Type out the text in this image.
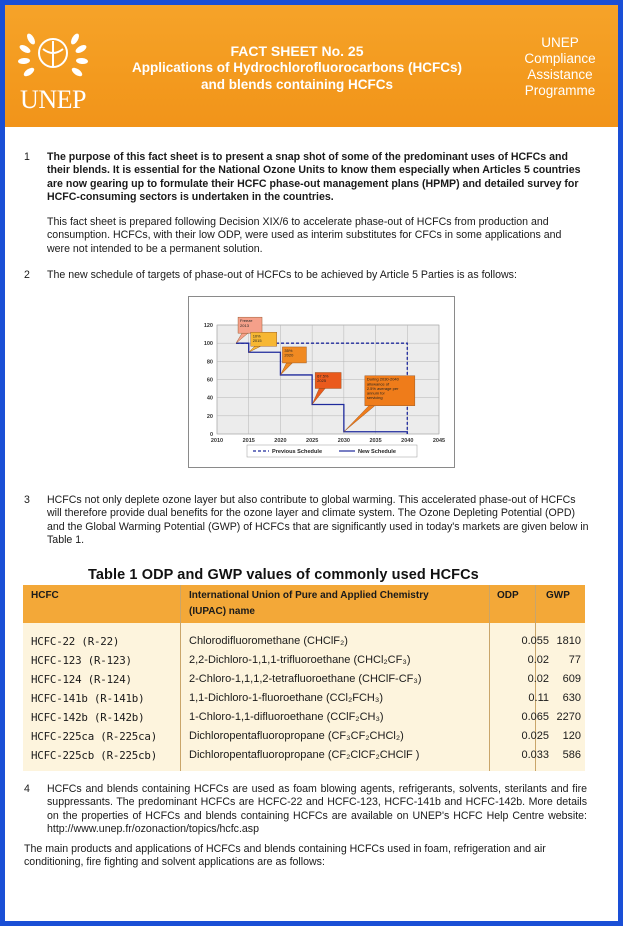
UNEP
FACT SHEET No. 25
Applications of Hydrochlorofluorocarbons (HCFCs)
and blends containing HCFCs
UNEP
Compliance
Assistance
Programme
1 The purpose of this fact sheet is to present a snap shot of some of the predominant uses of HCFCs and their blends. It is essential for the National Ozone Units to know them especially when Articles 5 countries are now gearing up to formulate their HCFC phase-out management plans (HPMP) and detailed survey for HCFC-consuming sectors is undertaken in the countries.
This fact sheet is prepared following Decision XIX/6 to accelerate phase-out of HCFCs from production and consumption. HCFCs, with their low ODP, were used as interim substitutes for CFCs in some applications and were not intended to be a permanent solution.
2 The new schedule of targets of phase-out of HCFCs to be achieved by Article 5 Parties is as follows:
0
20
40
60
80
100
120
2010	2015	2020	2025	2030	2035	2040	2045
Freeze 2013
10% 2015
35% 2020
67.5% 2025	During 2030-2040 allowance of 2.5% average per annum for servicing
Previous Schedule	New Schedule
3 HCFCs not only deplete ozone layer but also contribute to global warming. This accelerated phase-out of HCFCs will therefore provide dual benefits for the ozone layer and climate system. The Ozone Depleting Potential (OPD) and the Global Warming Potential (GWP) of HCFCs that are significantly used in today's markets are given below in Table 1.
Table 1 ODP and GWP values of commonly used HCFCs
HCFC	International Union of Pure and Applied Chemistry
(IUPAC) name
ODP	GWP
HCFC-22 (R-22)	Chlorodifluoromethane (CHClF₂)	0.055 1810
HCFC-123 (R-123)	2,2-Dichloro-1,1,1-trifluoroethane (CHCl₂CF₃)	0.02	77
HCFC-124 (R-124)	2-Chloro-1,1,1,2-tetrafluoroethane (CHClF-CF₃)	0.02	609
HCFC-141b (R-141b)	1,1-Dichloro-1-fluoroethane (CCl₂FCH₃)	0.11	630
HCFC-142b (R-142b)	1-Chloro-1,1-difluoroethane (CClF₂CH₃)	0.065 2270
HCFC-225ca (R-225ca)	Dichloropentafluoropropane (CF₃CF₂CHCl₂)	0.025	120
HCFC-225cb (R-225cb)	Dichloropentafluoropropane (CF₂ClCF₂CHClF )	0.033	586
4 HCFCs and blends containing HCFCs are used as foam blowing agents, refrigerants, solvents, sterilants and fire suppressants. The predominant HCFCs are HCFC-22 and HCFC-123, HCFC-141b and HCFC-142b. More details on the properties of HCFCs and blends containing HCFCs are available on UNEP's HCFC Help Centre website: http://www.unep.fr/ozonaction/topics/hcfc.asp
The main products and applications of HCFCs and blends containing HCFCs used in foam, refrigeration and air conditioning, fire fighting and solvent applications are as follows:
